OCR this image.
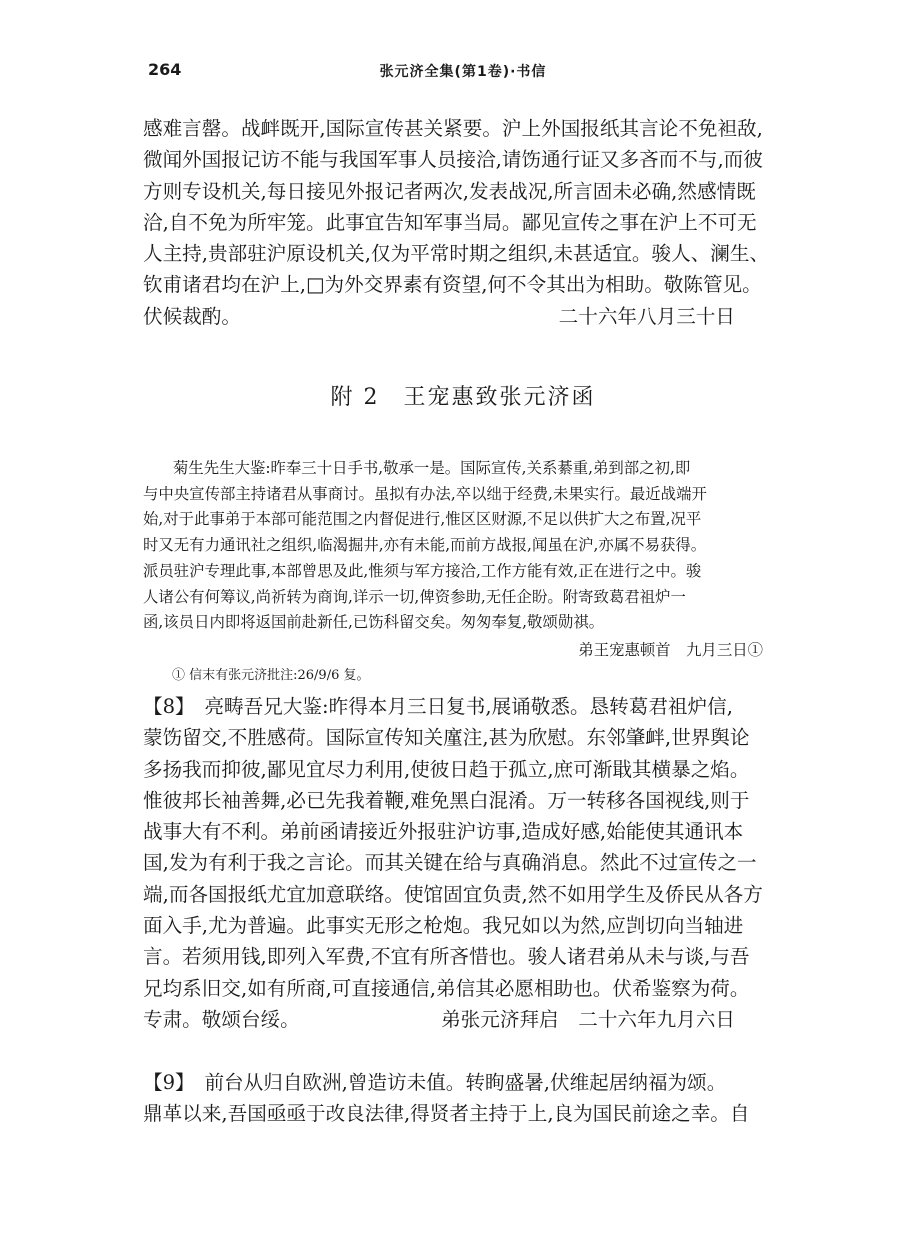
264	张元济全集(第1卷)·书信

感难言罄。战衅既开,国际宣传甚关紧要。沪上外国报纸其言论不免袒敌,

微闻外国报记访不能与我国军事人员接洽,请饬通行证又多吝而不与,而彼

方则专设机关,每日接见外报记者两次,发表战况,所言固未必确,然感情既

洽,自不免为所牢笼。此事宜告知军事当局。鄙见宣传之事在沪上不可无

人主持,贵部驻沪原设机关,仅为平常时期之组织,未甚适宜。骏人、澜生、

钦甫诸君均在沪上,□为外交界素有资望,何不令其出为相助。敬陈管见。

伏候裁酌。	二十六年八月三十日

附 2　王宠惠致张元济函

菊生先生大鉴:昨奉三十日手书,敬承一是。国际宣传,关系綦重,弟到部之初,即

与中央宣传部主持诸君从事商讨。虽拟有办法,卒以绌于经费,未果实行。最近战端开

始,对于此事弟于本部可能范围之内督促进行,惟区区财源,不足以供扩大之布置,况平

时又无有力通讯社之组织,临渴掘井,亦有未能,而前方战报,闻虽在沪,亦属不易获得。

派员驻沪专理此事,本部曾思及此,惟须与军方接洽,工作方能有效,正在进行之中。骏

人诸公有何筹议,尚祈转为商询,详示一切,俾资参助,无任企盼。附寄致葛君祖炉一

函,该员日内即将返国前赴新任,已饬科留交矣。匆匆奉复,敬颂勋祺。

弟王宠惠顿首　九月三日①

① 信末有张元济批注:26/9/6 复。

【8】　亮畴吾兄大鉴:昨得本月三日复书,展诵敬悉。恳转葛君祖炉信,

蒙饬留交,不胜感荷。国际宣传知关廑注,甚为欣慰。东邻肇衅,世界舆论

多扬我而抑彼,鄙见宜尽力利用,使彼日趋于孤立,庶可渐戢其横暴之焰。

惟彼邦长袖善舞,必已先我着鞭,难免黑白混淆。万一转移各国视线,则于

战事大有不利。弟前函请接近外报驻沪访事,造成好感,始能使其通讯本

国,发为有利于我之言论。而其关键在给与真确消息。然此不过宣传之一

端,而各国报纸尤宜加意联络。使馆固宜负责,然不如用学生及侨民从各方

面入手,尤为普遍。此事实无形之枪炮。我兄如以为然,应剀切向当轴进

言。若须用钱,即列入军费,不宜有所吝惜也。骏人诸君弟从未与谈,与吾

兄均系旧交,如有所商,可直接通信,弟信其必愿相助也。伏希鉴察为荷。

专肃。敬颂台绥。	弟张元济拜启　二十六年九月六日

【9】　前台从归自欧洲,曾造访未值。转眴盛暑,伏维起居纳福为颂。

鼎革以来,吾国亟亟于改良法律,得贤者主持于上,良为国民前途之幸。自
